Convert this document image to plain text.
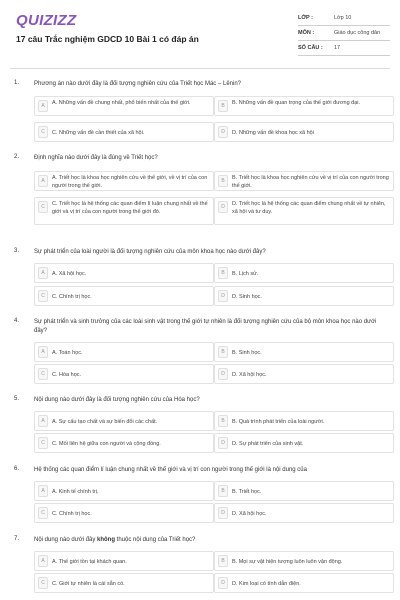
QUIZIZZ
17 câu Trắc nghiệm GDCD 10 Bài 1 có đáp án
LỚP :	Lớp 10
MÔN :	Giáo dục công dân
SỐ CÂU : 17
1. Phương án nào dưới đây là đối tượng nghiên cứu của Triết học Mác – Lênin?
A	A. Những vấn đề chung nhất, phổ biến nhất của thế giới.	B	B. Những vấn đề quan trọng của thế giới đương đại.
C	C. Những vấn đề cần thiết của xã hội.	D	D. Những vấn đề khoa học xã hội
2. Định nghĩa nào dưới đây là đúng về Triết học?
A	A. Triết học là khoa học nghiên cứu về thế giới, về vị trí của con người trong thế giới.
B	B. Triết học là khoa học nghiên cứu về vị trí của con người trong thế giới.
C	C. Triết học là hệ thống các quan điểm lí luận chung nhất về thế giới và vị trí của con người trong thế giới đó.
D	D. Triết học là hệ thống các quan điểm chung nhất về tự nhiên, xã hội và tư duy.
3. Sự phát triển của loài người là đối tượng nghiên cứu của môn khoa học nào dưới đây?
A	A. Xã hội học.	B	B. Lịch sử.
C	C. Chính trị học.	D	D. Sinh học.
4. Sự phát triển và sinh trưởng của các loài sinh vật trong thế giới tự nhiên là đối tượng nghiên cứu của bộ môn khoa học nào dưới đây?
A	A. Toán học.	B	B. Sinh học.
C	C. Hóa học.	D	D. Xã hội học.
5. Nội dung nào dưới đây là đối tượng nghiên cứu của Hóa học?
A	A. Sự cấu tạo chất và sự biến đổi các chất.	B	B. Quá trình phát triển của loài người.
C	C. Mối liên hệ giữa con người và cộng đồng.	D	D. Sự phát triển của sinh vật.
6. Hệ thống các quan điểm lí luận chung nhất về thế giới và vị trí con người trong thế giới là nội dung của
A	A. Kinh tế chính trị.	B	B. Triết học.
C	C. Chính trị học.	D	D. Xã hội học.
7. Nội dung nào dưới đây không thuộc nội dung của Triết học?
A	A. Thế giới tồn tại khách quan.	B	B. Mọi sự vật hiện tượng luôn luôn vận động.
C	C. Giới tự nhiên là cái sẵn có.	D	D. Kim loại có tính dẫn điện.
